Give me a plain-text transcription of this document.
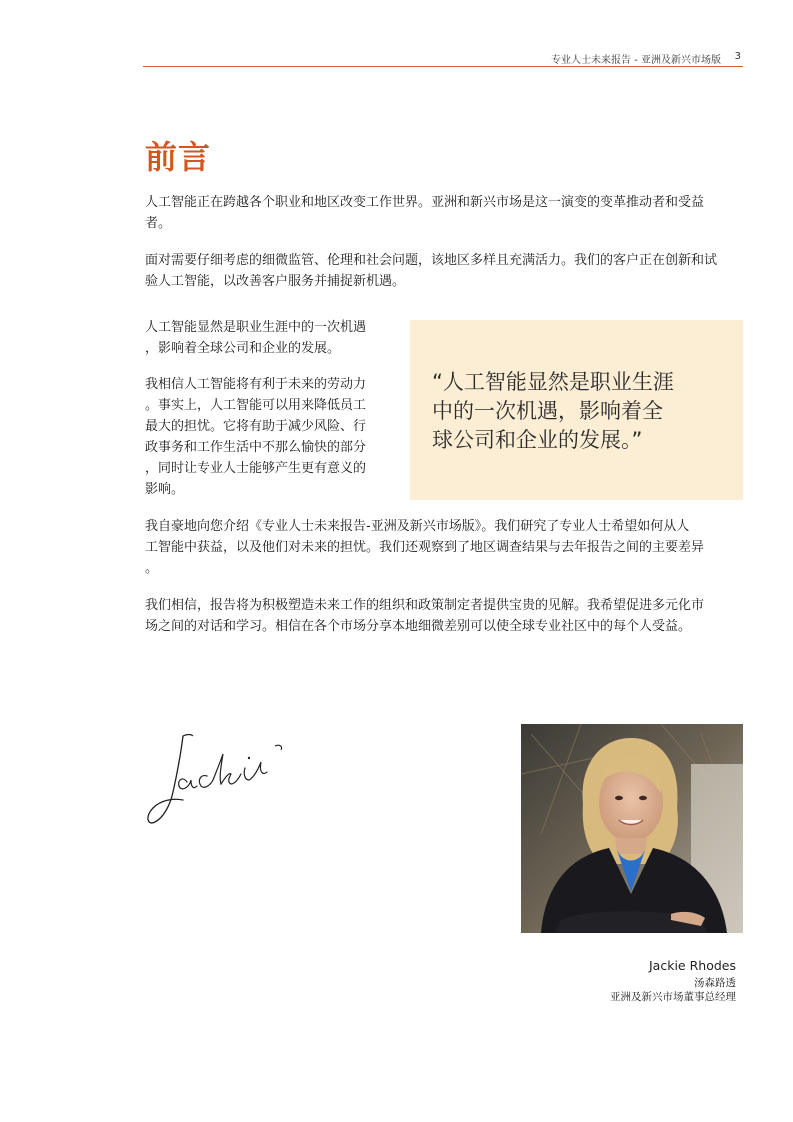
专业人士未来报告 - 亚洲及新兴市场版 3
前言

人工智能正在跨越各个职业和地区改变工作世界。亚洲和新兴市场是这一演变的变革推动者和受益者。

面对需要仔细考虑的细微监管、伦理和社会问题，该地区多样且充满活力。我们的客户正在创新和试验人工智能，以改善客户服务并捕捉新机遇。

人工智能显然是职业生涯中的一次机遇
，影响着全球公司和企业的发展。
我相信人工智能将有利于未来的劳动力
。事实上，人工智能可以用来降低员工
最大的担忧。它将有助于减少风险、行
政事务和工作生活中不那么愉快的部分
，同时让专业人士能够产生更有意义的
影响。
“人工智能显然是职业生涯
中的一次机遇，影响着全
球公司和企业的发展。”
我自豪地向您介绍《专业人士未来报告-亚洲及新兴市场版》。我们研究了专业人士希望如何从人
工智能中获益，以及他们对未来的担忧。我们还观察到了地区调查结果与去年报告之间的主要差异
。
我们相信，报告将为积极塑造未来工作的组织和政策制定者提供宝贵的见解。我希望促进多元化市
场之间的对话和学习。相信在各个市场分享本地细微差别可以使全球专业社区中的每个人受益。
Jackie Rhodes
汤森路透
亚洲及新兴市场董事总经理
